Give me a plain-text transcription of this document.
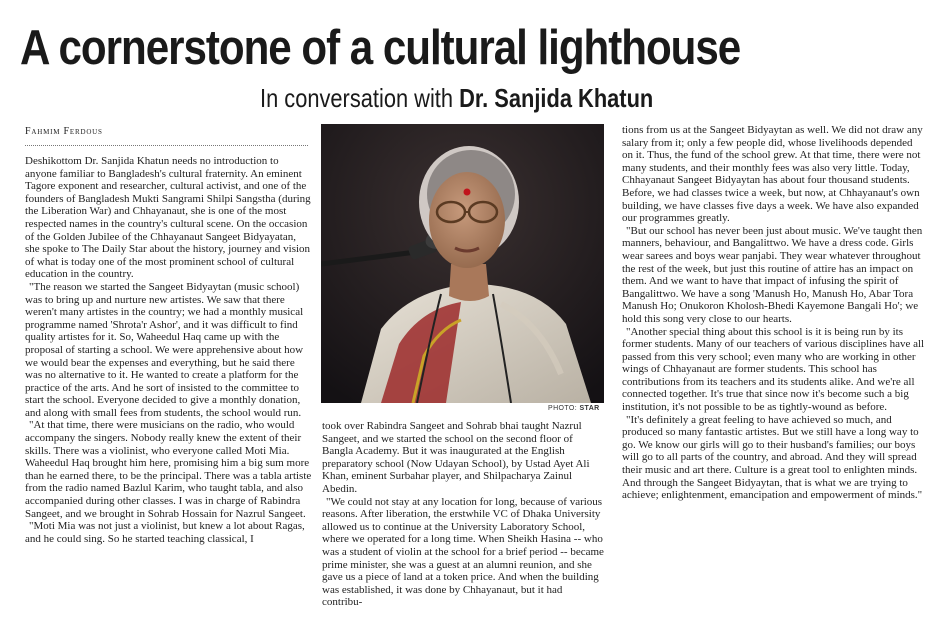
A cornerstone of a cultural lighthouse
In conversation with Dr. Sanjida Khatun
Fahmim Ferdous

Deshikottom Dr. Sanjida Khatun needs no introduction to anyone familiar to Bangladesh's cultural fraternity. An eminent Tagore exponent and researcher, cultural activist, and one of the founders of Bangladesh Mukti Sangrami Shilpi Sangstha (during the Liberation War) and Chhayanaut, she is one of the most respected names in the country's cultural scene. On the occasion of the Golden Jubilee of the Chhayanaut Sangeet Bidyayatan, she spoke to The Daily Star about the history, journey and vision of what is today one of the most prominent school of cultural education in the country.

"The reason we started the Sangeet Bidyaytan (music school) was to bring up and nurture new artistes. We saw that there weren't many artistes in the country; we had a monthly musical programme named 'Shrota'r Ashor', and it was difficult to find quality artistes for it. So, Waheedul Haq came up with the proposal of starting a school. We were apprehensive about how we would bear the expenses and everything, but he said there was no alternative to it. He wanted to create a platform for the practice of the arts. And he sort of insisted to the committee to start the school. Everyone decided to give a monthly donation, and along with small fees from students, the school would run.

"At that time, there were musicians on the radio, who would accompany the singers. Nobody really knew the extent of their skills. There was a violinist, who everyone called Moti Mia. Waheedul Haq brought him here, promising him a big sum more than he earned there, to be the principal. There was a tabla artiste from the radio named Bazlul Karim, who taught tabla, and also accompanied during other classes. I was in charge of Rabindra Sangeet, and we brought in Sohrab Hossain for Nazrul Sangeet.

"Moti Mia was not just a violinist, but knew a lot about Ragas, and he could sing. So he started teaching classical, I

PHOTO: STAR

took over Rabindra Sangeet and Sohrab bhai taught Nazrul Sangeet, and we started the school on the second floor of Bangla Academy. But it was inaugurated at the English preparatory school (Now Udayan School), by Ustad Ayet Ali Khan, eminent Surbahar player, and Shilpacharya Zainul Abedin.

"We could not stay at any location for long, because of various reasons. After liberation, the erstwhile VC of Dhaka University allowed us to continue at the University Laboratory School, where we operated for a long time. When Sheikh Hasina -- who was a student of violin at the school for a brief period -- became prime minister, she was a guest at an alumni reunion, and she gave us a piece of land at a token price. And when the building was established, it was done by Chhayanaut, but it had contribu-

tions from us at the Sangeet Bidyaytan as well. We did not draw any salary from it; only a few people did, whose livelihoods depended on it. Thus, the fund of the school grew. At that time, there were not many students, and their monthly fees was also very little. Today, Chhayanaut Sangeet Bidyaytan has about four thousand students. Before, we had classes twice a week, but now, at Chhayanaut's own building, we have classes five days a week. We have also expanded our programmes greatly.

"But our school has never been just about music. We've taught then manners, behaviour, and Bangalittwo. We have a dress code. Girls wear sarees and boys wear panjabi. They wear whatever throughout the rest of the week, but just this routine of attire has an impact on them. And we want to have that impact of infusing the spirit of Bangalittwo. We have a song 'Manush Ho, Manush Ho, Abar Tora Manush Ho; Onukoron Kholosh-Bhedi Kayemone Bangali Ho'; we hold this song very close to our hearts.

"Another special thing about this school is it is being run by its former students. Many of our teachers of various disciplines have all passed from this very school; even many who are working in other wings of Chhayanaut are former students. This school has contributions from its teachers and its students alike. And we're all connected together. It's true that since now it's become such a big institution, it's not possible to be as tightly-wound as before.

"It's definitely a great feeling to have achieved so much, and produced so many fantastic artistes. But we still have a long way to go. We know our girls will go to their husband's families; our boys will go to all parts of the country, and abroad. And they will spread their music and art there. Culture is a great tool to enlighten minds. And through the Sangeet Bidyaytan, that is what we are trying to achieve; enlightenment, emancipation and empowerment of minds."
